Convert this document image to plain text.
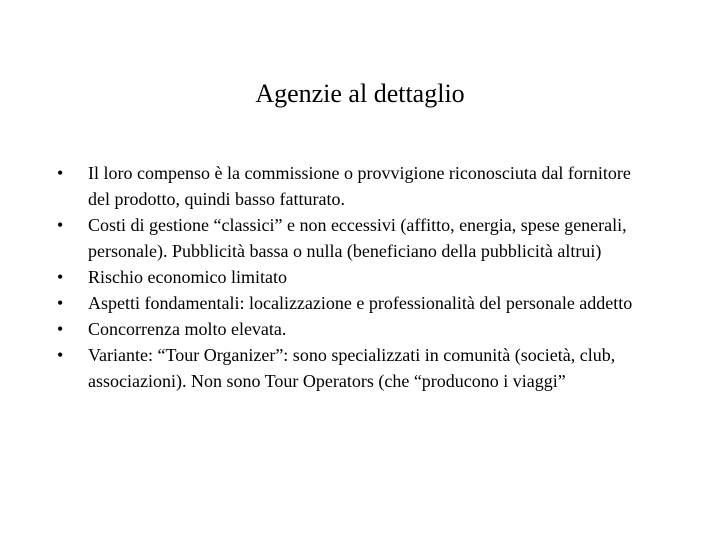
Agenzie al dettaglio
•	Il loro compenso è la commissione o provvigione riconosciuta dal fornitore del prodotto, quindi basso fatturato.
•	Costi di gestione “classici” e non eccessivi (affitto, energia, spese generali, personale). Pubblicità bassa o nulla (beneficiano della pubblicità altrui)
•	Rischio economico limitato
•	Aspetti fondamentali: localizzazione e professionalità del personale addetto
•	Concorrenza molto elevata.
•	Variante: “Tour Organizer”: sono specializzati in comunità (società, club, associazioni). Non sono Tour Operators (che “producono i viaggi”
